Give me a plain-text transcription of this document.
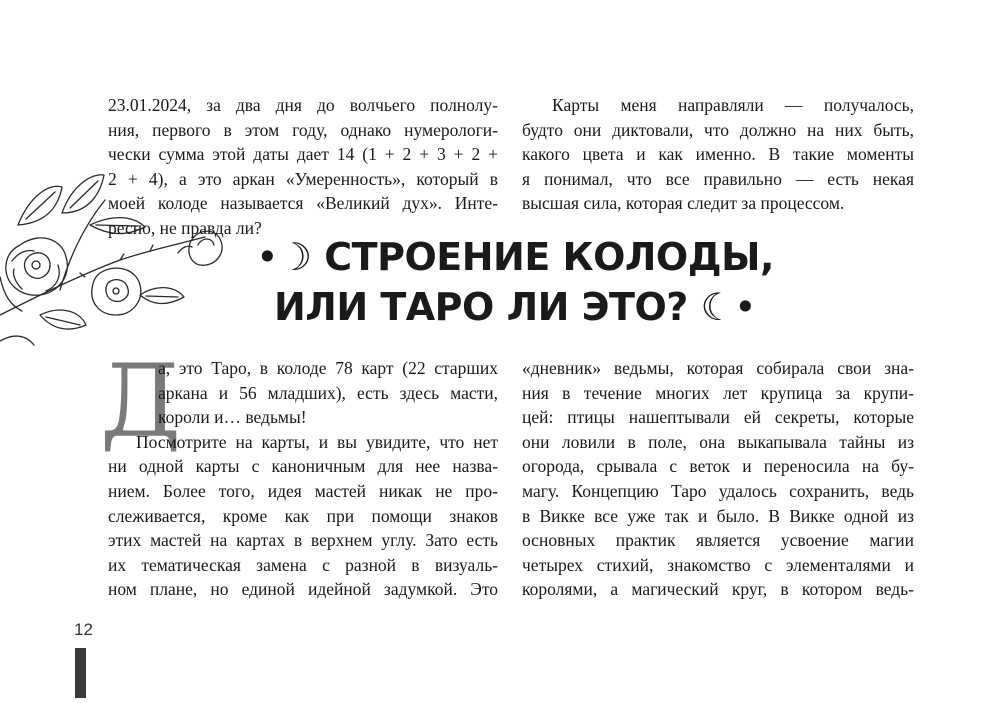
23.01.2024, за два дня до волчьего полнолу-
ния, первого в этом году, однако нумерологи-
чески сумма этой даты дает 14 (1 + 2 + 3 + 2 +
2 + 4), а это аркан «Умеренность», который в
моей колоде называется «Великий дух». Инте-
ресно, не правда ли?
Карты меня направляли — получалось,
будто они диктовали, что должно на них быть,
какого цвета и как именно. В такие моменты
я понимал, что все правильно — есть некая
высшая сила, которая следит за процессом.
•☽ СТРОЕНИЕ КОЛОДЫ,
ИЛИ ТАРО ЛИ ЭТО? ☾•
Д
а, это Таро, в колоде 78 карт (22 старших
аркана и 56 младших), есть здесь масти,
короли и… ведьмы!
Посмотрите на карты, и вы увидите, что нет
ни одной карты с каноничным для нее назва-
нием. Более того, идея мастей никак не про-
слеживается, кроме как при помощи знаков
этих мастей на картах в верхнем углу. Зато есть
их тематическая замена с разной в визуаль-
ном плане, но единой идейной задумкой. Это
«дневник» ведьмы, которая собирала свои зна-
ния в течение многих лет крупица за крупи-
цей: птицы нашептывали ей секреты, которые
они ловили в поле, она выкапывала тайны из
огорода, срывала с веток и переносила на бу-
магу. Концепцию Таро удалось сохранить, ведь
в Викке все уже так и было. В Викке одной из
основных практик является усвоение магии
четырех стихий, знакомство с элементалями и
королями, а магический круг, в котором ведь-
12
